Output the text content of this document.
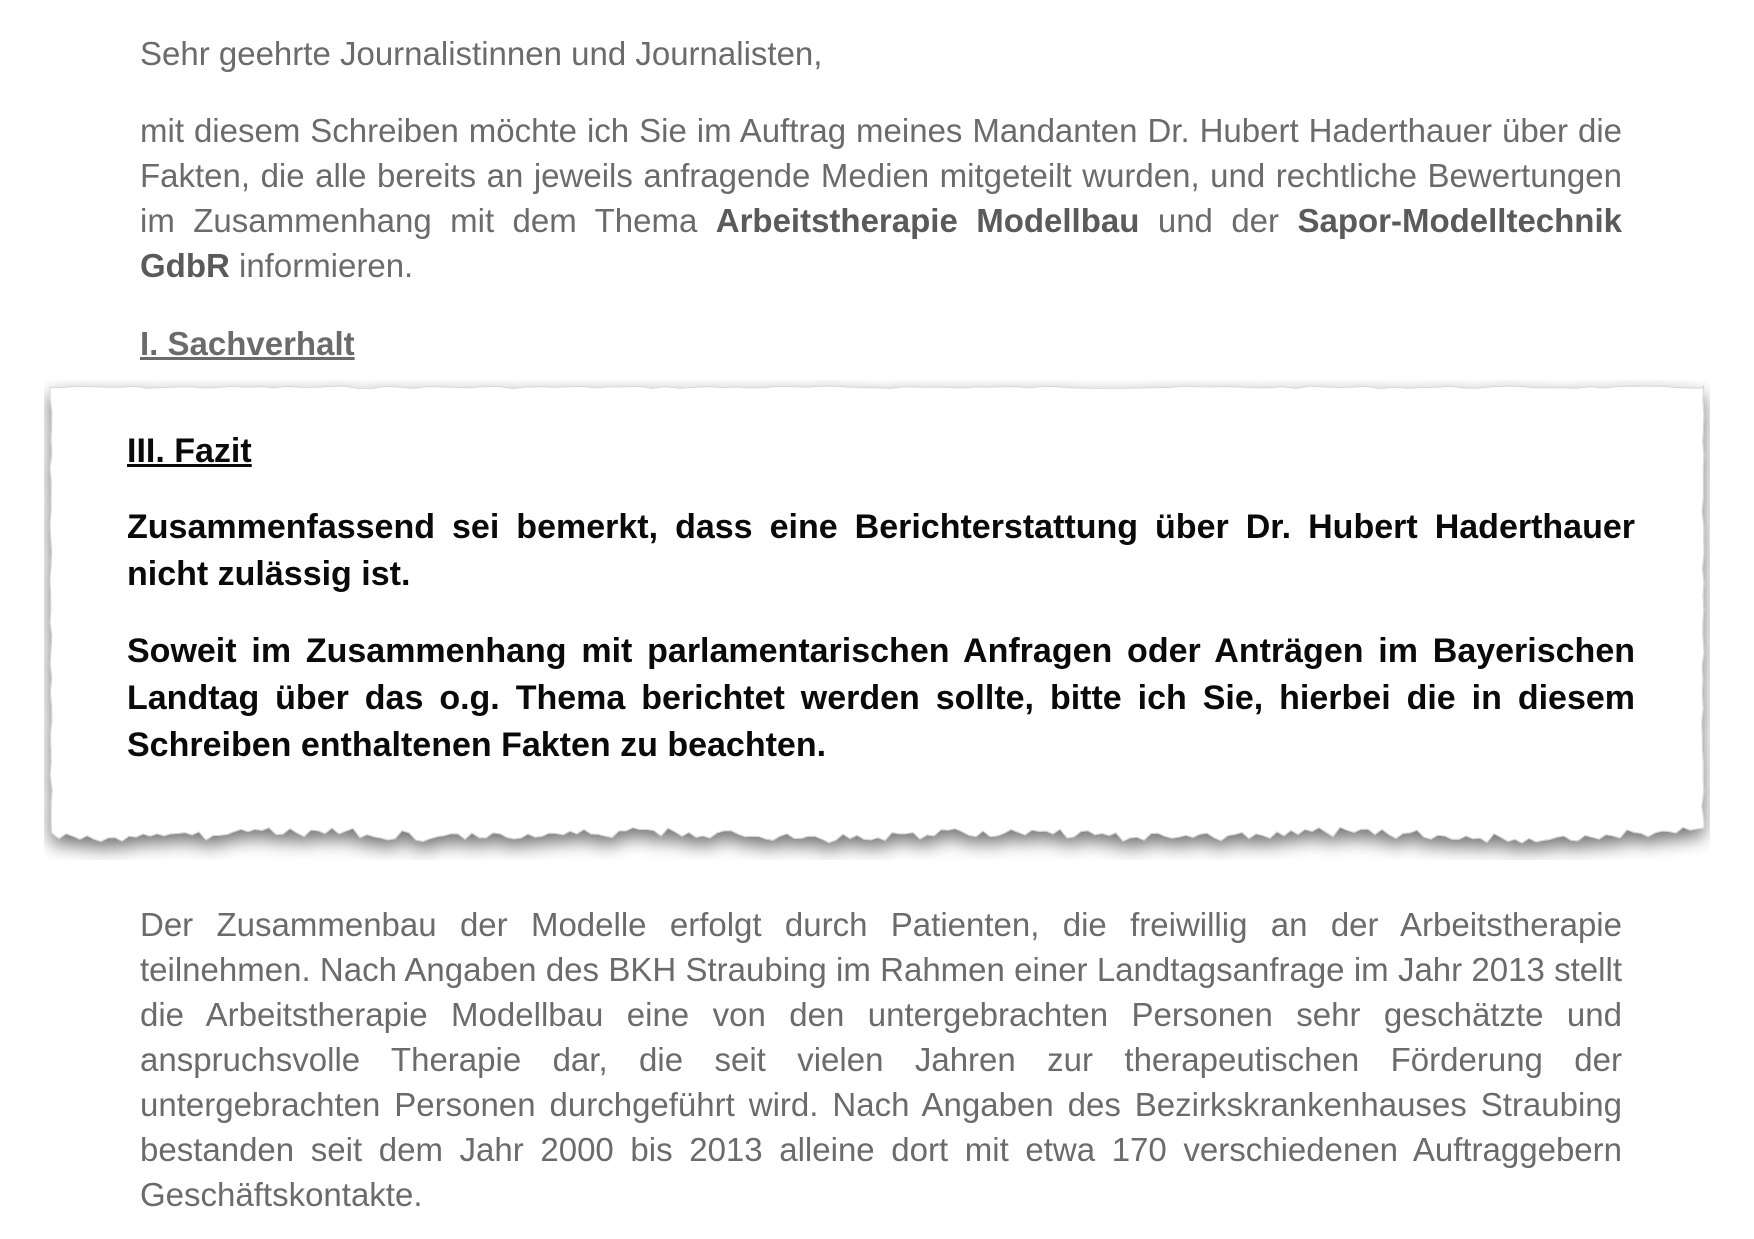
Sehr geehrte Journalistinnen und Journalisten,

mit diesem Schreiben möchte ich Sie im Auftrag meines Mandanten Dr. Hubert Haderthauer über die Fakten, die alle bereits an jeweils anfragende Medien mitgeteilt wurden, und rechtliche Bewertungen im Zusammenhang mit dem Thema Arbeitstherapie Modellbau und der Sapor-Modelltechnik GdbR informieren.

I. Sachverhalt

Der Zusammenbau der Modelle erfolgt durch Patienten, die freiwillig an der Arbeitstherapie teilnehmen. Nach Angaben des BKH Straubing im Rahmen einer Landtagsanfrage im Jahr 2013 stellt die Arbeitstherapie Modellbau eine von den untergebrachten Personen sehr geschätzte und anspruchsvolle Therapie dar, die seit vielen Jahren zur therapeutischen Förderung der untergebrachten Personen durchgeführt wird. Nach Angaben des Bezirkskrankenhauses Straubing bestanden seit dem Jahr 2000 bis 2013 alleine dort mit etwa 170 verschiedenen Auftraggebern Geschäftskontakte.

III. Fazit

Zusammenfassend sei bemerkt, dass eine Berichterstattung über Dr. Hubert Haderthauer nicht zulässig ist.

Soweit im Zusammenhang mit parlamentarischen Anfragen oder Anträgen im Bayerischen Landtag über das o.g. Thema berichtet werden sollte, bitte ich Sie, hierbei die in diesem Schreiben enthaltenen Fakten zu beachten.
